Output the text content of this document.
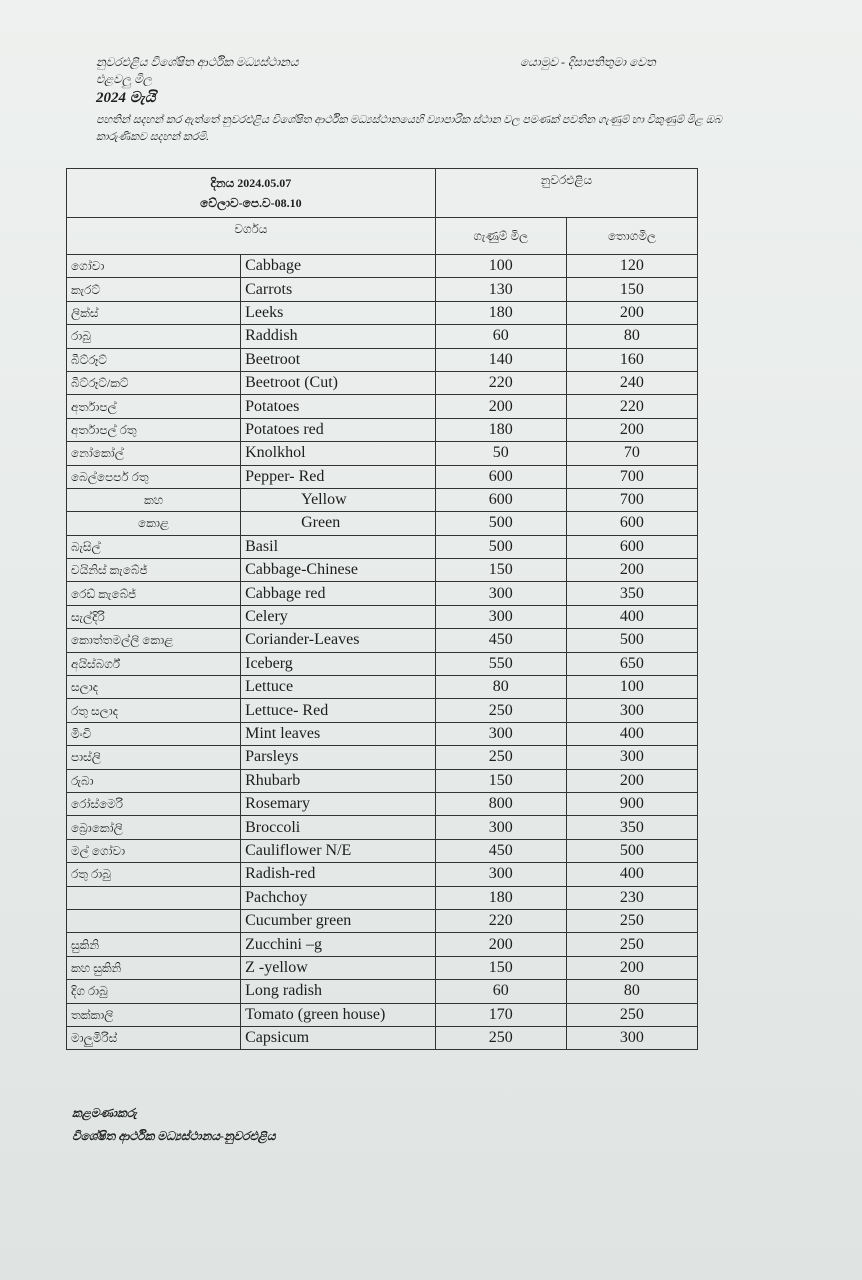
නුවරඑළිය විශේෂිත ආර්ථික මධ්‍යස්ථානය	යොමුව - දිසාපතිතුමා වෙත
එළවලු මිල
2024 මැයි
පහතින් සදහන් කර ඇත්තේ නුවරඑළිය විශේෂිත ආර්ථික මධ්‍යස්ථානයෙහි ව්‍යාපාරික ස්ථාන වල පමණක් පවතින ගැණුම් හා විකුණුම් මිළ ඔබ කාරුණිකව සදහන් කරමි.
දිනය 2024.05.07
වේලාව-පෙ.ව-08.10		නුවරඑළිය	
වර්ගය		ගැණුම් මිල	තොගමිල
ගෝවා	Cabbage	100	120
කැරට්	Carrots	130	150
ලික්ස්	Leeks	180	200
රාබු	Raddish	60	80
බීට්රූට්	Beetroot	140	160
බීට්රූට්/කට්	Beetroot (Cut)	220	240
අර්තාපල්	Potatoes	200	220
අර්තාපල් රතු	Potatoes red	180	200
නෝකෝල්	Knolkhol	50	70
බෙල්පෙපර් රතු	Pepper- Red	600	700
කහ	Yellow	600	700
කොළ	Green	500	600
බැසිල්	Basil	500	600
චයිනිස් කැබේජ්	Cabbage-Chinese	150	200
රෙඩ් කැබේජ්	Cabbage red	300	350
සැල්දිරි	Celery	300	400
කොත්තමල්ලි කොළ	Coriander-Leaves	450	500
අයිස්බර්ග්	Iceberg	550	650
සලාද	Lettuce	80	100
රතු සලාද	Lettuce- Red	250	300
මිංචි	Mint leaves	300	400
පාස්ලි	Parsleys	250	300
රුබා	Rhubarb	150	200
රෝස්මෙරි	Rosemary	800	900
බ්‍රොකෝලි	Broccoli	300	350
මල් ගෝවා	Cauliflower N/E	450	500
රතු රාබු	Radish-red	300	400
	Pachchoy	180	230
	Cucumber green	220	250
සුකිනි	Zucchini –g	200	250
කහ සුකිනි	Z -yellow	150	200
දිග රාබු	Long radish	60	80
තක්කාලි	Tomato (green house)	170	250
මාලුමිරිස්	Capsicum	250	300
කළමණාකරු
විශේෂිත ආර්ථික මධ්‍යස්ථානය-නුවරඑළිය
